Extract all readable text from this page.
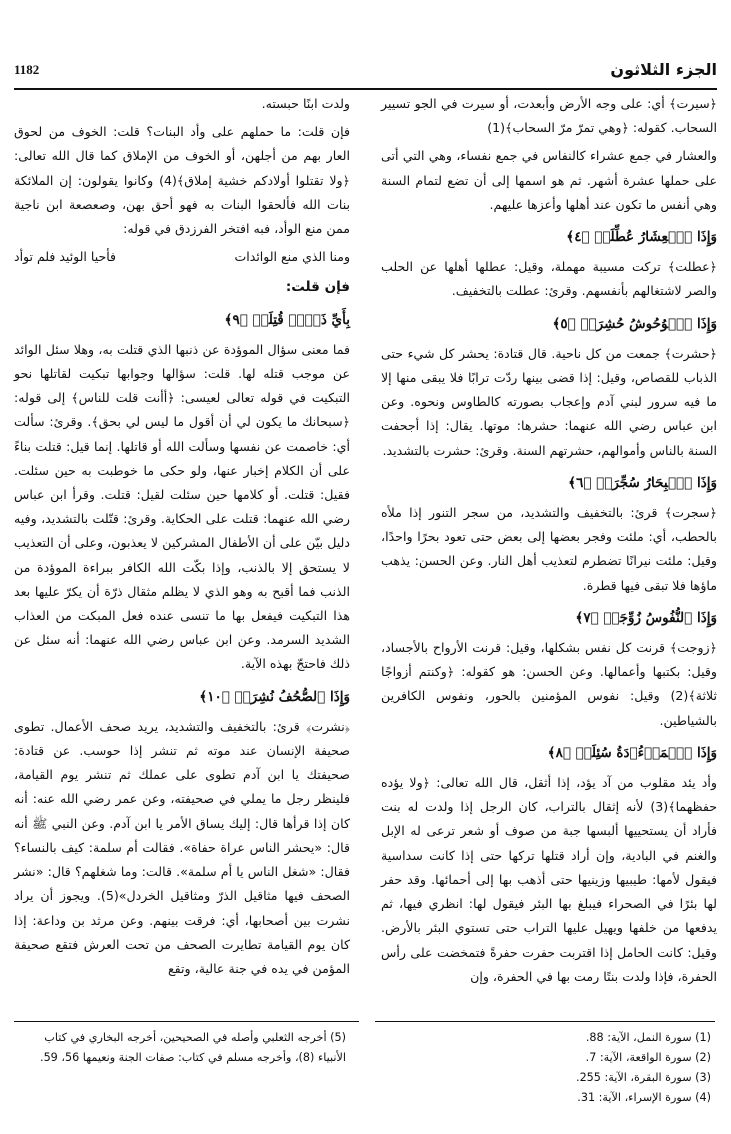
1182	الجزء الثلاثون

﴿سيرت﴾ أي: على وجه الأرض وأبعدت، أو سيرت في الجو تسيير السحاب. كقوله: ﴿وهي تمرّ مرّ السحاب﴾(1)

والعشار في جمع عشراء كالنفاس في جمع نفساء، وهي التي أتى على حملها عشرة أشهر. ثم هو اسمها إلى أن تضع لتمام السنة وهي أنفس ما تكون عند أهلها وأعزها عليهم.

وَإِذَا ٱلۡعِشَارُ عُطِّلَتۡ ﴿٤﴾

﴿عطلت﴾ تركت مسيبة مهملة، وقيل: عطلها أهلها عن الحلب والصر لاشتغالهم بأنفسهم. وقرئ: عطلت بالتخفيف.

وَإِذَا ٱلۡوُحُوشُ حُشِرَتۡ ﴿٥﴾

﴿حشرت﴾ جمعت من كل ناحية. قال قتادة: يحشر كل شيء حتى الذباب للقصاص، وقيل: إذا قضى بينها ردّت ترابًا فلا يبقى منها إلا ما فيه سرور لبني آدم وإعجاب بصورته كالطاوس ونحوه. وعن ابن عباس رضي الله عنهما: حشرها: موتها. يقال: إذا أجحفت السنة بالناس وأموالهم، حشرتهم السنة. وقرئ: حشرت بالتشديد.

وَإِذَا ٱلۡبِحَارُ سُجِّرَتۡ ﴿٦﴾

﴿سجرت﴾ قرئ: بالتخفيف والتشديد، من سجر التنور إذا ملأه بالحطب، أي: ملئت وفجر بعضها إلى بعض حتى تعود بحرًا واحدًا، وقيل: ملئت نيرانًا تضطرم لتعذيب أهل النار. وعن الحسن: يذهب ماؤها فلا تبقى فيها قطرة.

وَإِذَا ٱلنُّفُوسُ زُوِّجَتۡ ﴿٧﴾

﴿زوجت﴾ قرنت كل نفس بشكلها، وقيل: قرنت الأرواح بالأجساد، وقيل: بكتبها وأعمالها. وعن الحسن: هو كقوله: ﴿وكنتم أزواجًا ثلاثة﴾(2) وقيل: نفوس المؤمنين بالحور، ونفوس الكافرين بالشياطين.

وَإِذَا ٱلۡمَوۡءُۥدَةُ سُئِلَتۡ ﴿٨﴾

وأد يئد مقلوب من آد يؤد، إذا أثقل، قال الله تعالى: ﴿ولا يؤده حفظهما﴾(3) لأنه إثقال بالتراب، كان الرجل إذا ولدت له بنت فأراد أن يستحييها ألبسها جبة من صوف أو شعر ترعى له الإبل والغنم في البادية، وإن أراد قتلها تركها حتى إذا كانت سداسية فيقول لأمها: طيبيها وزينيها حتى أذهب بها إلى أحمائها. وقد حفر لها بئرًا في الصحراء فيبلغ بها البئر فيقول لها: انظري فيها، ثم يدفعها من خلفها ويهيل عليها التراب حتى تستوي البئر بالأرض. وقيل: كانت الحامل إذا اقتربت حفرت حفرةً فتمخضت على رأس الحفرة، فإذا ولدت بنتًا رمت بها في الحفرة، وإن

ولدت ابنًا حبسته.

فإن قلت: ما حملهم على وأد البنات؟ قلت: الخوف من لحوق العار بهم من أجلهن، أو الخوف من الإملاق كما قال الله تعالى: ﴿ولا تقتلوا أولادكم خشية إملاق﴾(4) وكانوا يقولون: إن الملائكة بنات الله فألحقوا البنات به فهو أحق بهن، وصعصعة ابن ناجية ممن منع الوأد، فبه افتخر الفرزدق في قوله:

ومنا الذي منع الوائدات
فأحيا الوئيد فلم توأد
فإن قلت:
بِأَيِّ ذَنۢبٖ قُتِلَتۡ ﴿٩﴾

فما معنى سؤال الموؤدة عن ذنبها الذي قتلت به، وهلا سئل الوائد عن موجب قتله لها. قلت: سؤالها وجوابها تبكيت لقاتلها نحو التبكيت في قوله تعالى لعيسى: ﴿أأنت قلت للناس﴾ إلى قوله: ﴿سبحانك ما يكون لي أن أقول ما ليس لي بحق﴾. وقرئ: سألت أي: خاصمت عن نفسها وسألت الله أو قاتلها. إنما قيل: قتلت بناءً على أن الكلام إخبار عنها، ولو حكى ما خوطبت به حين سئلت. فقيل: قتلت. أو كلامها حين سئلت لقيل: قتلت. وقرأ ابن عباس رضي الله عنهما: قتلت على الحكاية. وقرئ: قتّلت بالتشديد، وفيه دليل بيّن على أن الأطفال المشركين لا يعذبون، وعلى أن التعذيب لا يستحق إلا بالذنب، وإذا بكّت الله الكافر ببراءة الموؤدة من الذنب فما أقبح به وهو الذي لا يظلم مثقال ذرّة أن يكرّ عليها بعد هذا التبكيت فيفعل بها ما تنسى عنده فعل المبكت من العذاب الشديد السرمد. وعن ابن عباس رضي الله عنهما: أنه سئل عن ذلك فاحتجّ بهذه الآية.

وَإِذَا ٱلصُّحُفُ نُشِرَتۡ ﴿١٠﴾

﴿نشرت﴾ قرئ: بالتخفيف والتشديد، يريد صحف الأعمال. تطوى صحيفة الإنسان عند موته ثم تنشر إذا حوسب. عن قتادة: صحيفتك يا ابن آدم تطوى على عملك ثم تنشر يوم القيامة، فلينظر رجل ما يملي في صحيفته، وعن عمر رضي الله عنه: أنه كان إذا قرأها قال: إليك يساق الأمر يا ابن آدم. وعن النبي ﷺ أنه قال: «يحشر الناس عراة حفاة». فقالت أم سلمة: كيف بالنساء؟ فقال: «شغل الناس يا أم سلمة». قالت: وما شغلهم؟ قال: «نشر الصحف فيها مثاقيل الذرّ ومثاقيل الخردل»(5). ويجوز أن يراد نشرت بين أصحابها، أي: فرقت بينهم. وعن مرثد بن وداعة: إذا كان يوم القيامة تطايرت الصحف من تحت العرش فتقع صحيفة المؤمن في يده في جنة عالية، وتقع

(1) سورة النمل، الآية: 88.
(2) سورة الواقعة، الآية: 7.
(3) سورة البقرة، الآية: 255.
(4) سورة الإسراء، الآية: 31.
(5) أخرجه الثعلبي وأصله في الصحيحين، أخرجه البخاري في كتاب الأنبياء (8)، وأخرجه مسلم في كتاب: صفات الجنة ونعيمها 56، 59.
